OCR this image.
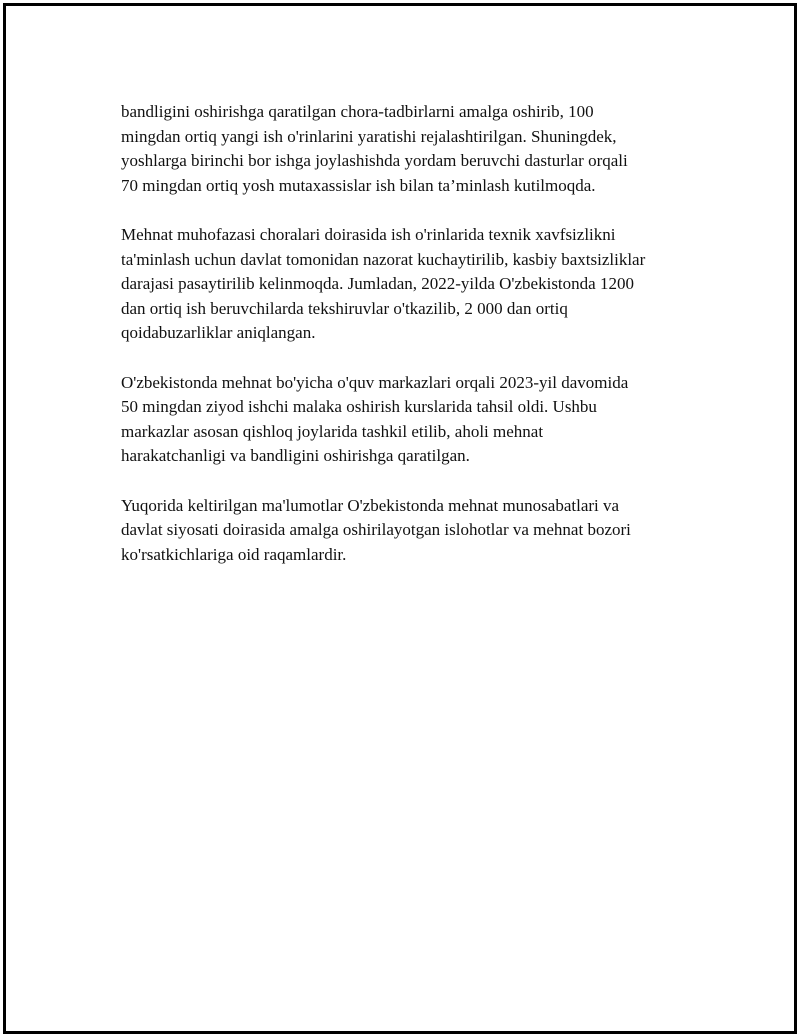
bandligini oshirishga qaratilgan chora-tadbirlarni amalga oshirib, 100
mingdan ortiq yangi ish o'rinlarini yaratishi rejalashtirilgan. Shuningdek,
yoshlarga birinchi bor ishga joylashishda yordam beruvchi dasturlar orqali
70 mingdan ortiq yosh mutaxassislar ish bilan ta’minlash kutilmoqda.

Mehnat muhofazasi choralari doirasida ish o'rinlarida texnik xavfsizlikni
ta'minlash uchun davlat tomonidan nazorat kuchaytirilib, kasbiy baxtsizliklar
darajasi pasaytirilib kelinmoqda. Jumladan, 2022-yilda O'zbekistonda 1200
dan ortiq ish beruvchilarda tekshiruvlar o'tkazilib, 2 000 dan ortiq
qoidabuzarliklar aniqlangan.

O'zbekistonda mehnat bo'yicha o'quv markazlari orqali 2023-yil davomida
50 mingdan ziyod ishchi malaka oshirish kurslarida tahsil oldi. Ushbu
markazlar asosan qishloq joylarida tashkil etilib, aholi mehnat
harakatchanligi va bandligini oshirishga qaratilgan.

Yuqorida keltirilgan ma'lumotlar O'zbekistonda mehnat munosabatlari va
davlat siyosati doirasida amalga oshirilayotgan islohotlar va mehnat bozori
ko'rsatkichlariga oid raqamlardir.
